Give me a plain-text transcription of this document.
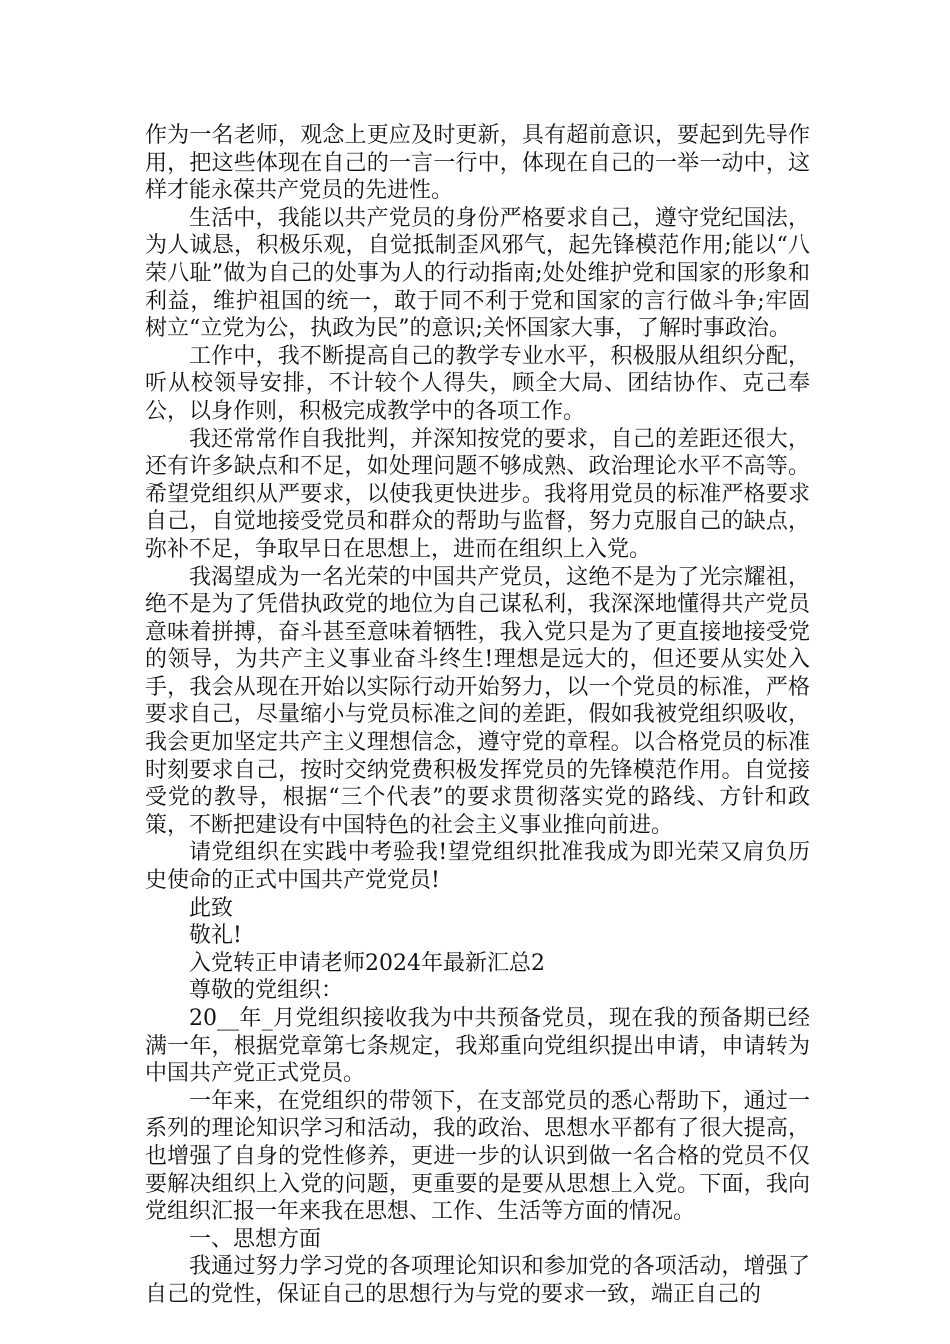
作为一名老师，观念上更应及时更新，具有超前意识，要起到先导作用，把这些体现在自己的一言一行中，体现在自己的一举一动中，这样才能永葆共产党员的先进性。

生活中，我能以共产党员的身份严格要求自己，遵守党纪国法，为人诚恳，积极乐观，自觉抵制歪风邪气，起先锋模范作用;能以“八荣八耻”做为自己的处事为人的行动指南;处处维护党和国家的形象和利益，维护祖国的统一，敢于同不利于党和国家的言行做斗争;牢固树立“立党为公，执政为民”的意识;关怀国家大事，了解时事政治。

工作中，我不断提高自己的教学专业水平，积极服从组织分配，听从校领导安排，不计较个人得失，顾全大局、团结协作、克己奉公，以身作则，积极完成教学中的各项工作。

我还常常作自我批判，并深知按党的要求，自己的差距还很大，还有许多缺点和不足，如处理问题不够成熟、政治理论水平不高等。希望党组织从严要求，以使我更快进步。我将用党员的标准严格要求自己，自觉地接受党员和群众的帮助与监督，努力克服自己的缺点，弥补不足，争取早日在思想上，进而在组织上入党。

我渴望成为一名光荣的中国共产党员，这绝不是为了光宗耀祖，绝不是为了凭借执政党的地位为自己谋私利，我深深地懂得共产党员意味着拼搏，奋斗甚至意味着牺牲，我入党只是为了更直接地接受党的领导，为共产主义事业奋斗终生!理想是远大的，但还要从实处入手，我会从现在开始以实际行动开始努力，以一个党员的标准，严格要求自己，尽量缩小与党员标准之间的差距，假如我被党组织吸收，我会更加坚定共产主义理想信念，遵守党的章程。以合格党员的标准时刻要求自己，按时交纳党费积极发挥党员的先锋模范作用。自觉接受党的教导，根据“三个代表”的要求贯彻落实党的路线、方针和政策，不断把建设有中国特色的社会主义事业推向前进。

请党组织在实践中考验我!望党组织批准我成为即光荣又肩负历史使命的正式中国共产党党员!

此致

敬礼!

入党转正申请老师2024年最新汇总2

尊敬的党组织：

20__年_月党组织接收我为中共预备党员，现在我的预备期已经满一年，根据党章第七条规定，我郑重向党组织提出申请，申请转为中国共产党正式党员。

一年来，在党组织的带领下，在支部党员的悉心帮助下，通过一系列的理论知识学习和活动，我的政治、思想水平都有了很大提高，也增强了自身的党性修养，更进一步的认识到做一名合格的党员不仅要解决组织上入党的问题，更重要的是要从思想上入党。下面，我向党组织汇报一年来我在思想、工作、生活等方面的情况。

一、思想方面

我通过努力学习党的各项理论知识和参加党的各项活动，增强了自己的党性，保证自己的思想行为与党的要求一致，端正自己的
